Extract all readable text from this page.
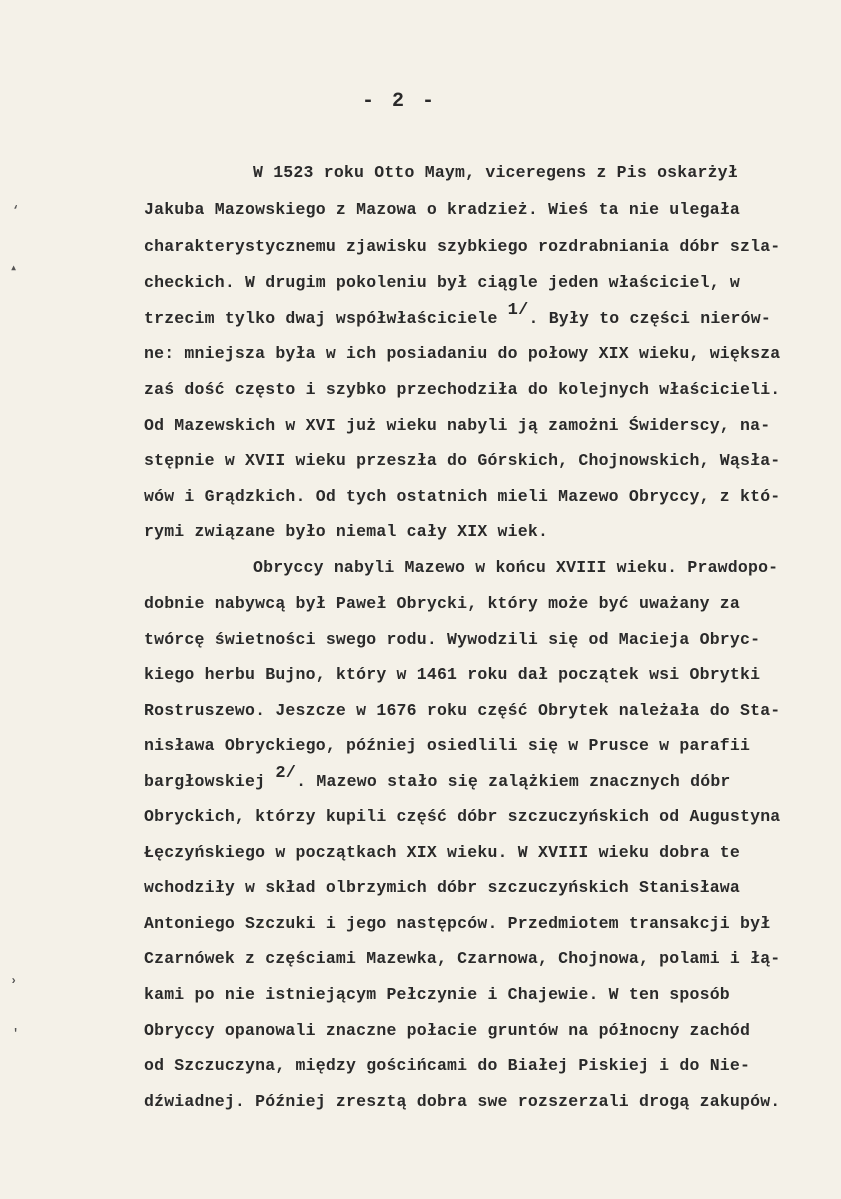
- 2 -
‘
▴
›
′
W 1523 roku Otto Maym, viceregens z Pis oskarżył
Jakuba Mazowskiego z Mazowa o kradzież. Wieś ta nie ulegała
charakterystycznemu zjawisku szybkiego rozdrabniania dóbr szla-
checkich. W drugim pokoleniu był ciągle jeden właściciel, w
trzecim tylko dwaj współwłaściciele $^{1/}$. Były to części nierów-
ne: mniejsza była w ich posiadaniu do połowy XIX wieku, większa
zaś dość często i szybko przechodziła do kolejnych właścicieli.
Od Mazewskich w XVI już wieku nabyli ją zamożni Świderscy, na-
stępnie w XVII wieku przeszła do Górskich, Chojnowskich, Wąsła-
wów i Grądzkich. Od tych ostatnich mieli Mazewo Obryccy, z któ-
rymi związane było niemal cały XIX wiek.
Obryccy nabyli Mazewo w końcu XVIII wieku. Prawdopo-
dobnie nabywcą był Paweł Obrycki, który może być uważany za
twórcę świetności swego rodu. Wywodzili się od Macieja Obryc-
kiego herbu Bujno, który w 1461 roku dał początek wsi Obrytki
Rostruszewo. Jeszcze w 1676 roku część Obrytek należała do Sta-
nisława Obryckiego, później osiedlili się w Prusce w parafii
bargłowskiej $^{2/}$. Mazewo stało się zalążkiem znacznych dóbr
Obryckich, którzy kupili część dóbr szczuczyńskich od Augustyna
Łęczyńskiego w początkach XIX wieku. W XVIII wieku dobra te
wchodziły w skład olbrzymich dóbr szczuczyńskich Stanisława
Antoniego Szczuki i jego następców. Przedmiotem transakcji był
Czarnówek z częściami Mazewka, Czarnowa, Chojnowa, polami i łą-
kami po nie istniejącym Pełczynie i Chajewie. W ten sposób
Obryccy opanowali znaczne połacie gruntów na północny zachód
od Szczuczyna, między gościńcami do Białej Piskiej i do Nie-
dźwiadnej. Później zresztą dobra swe rozszerzali drogą zakupów.
